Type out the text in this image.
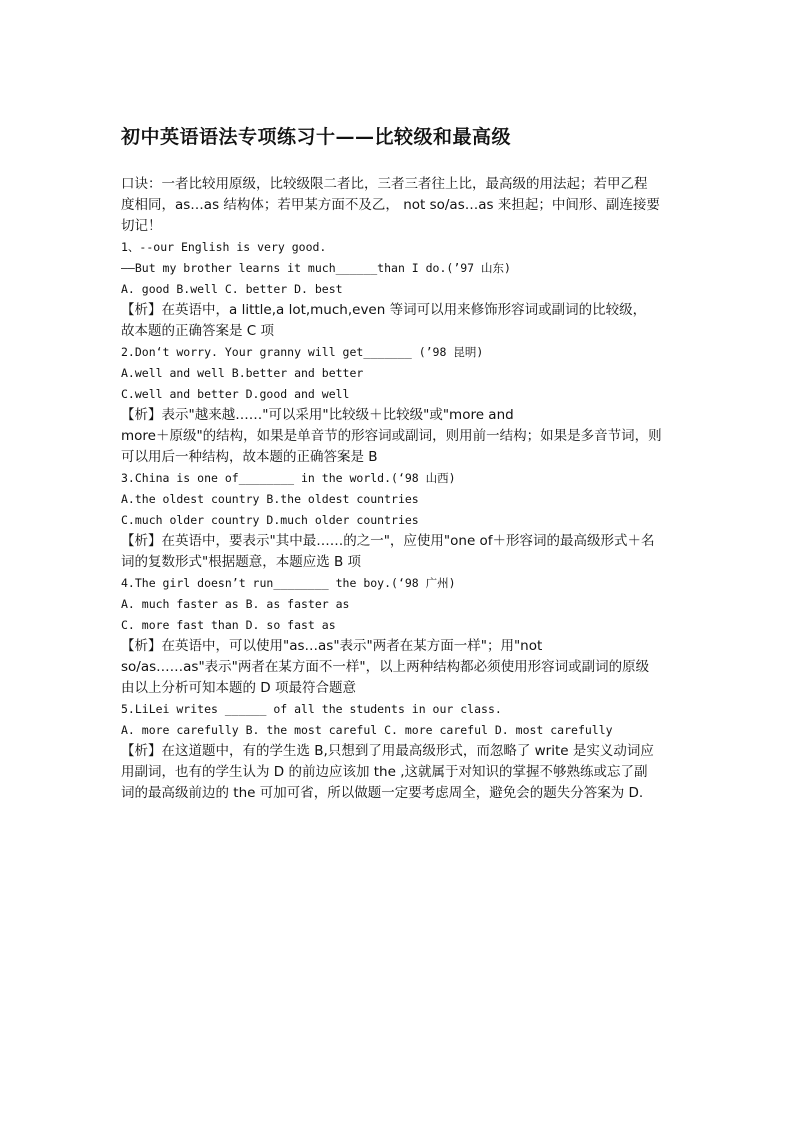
初中英语语法专项练习十——比较级和最高级
口诀：一者比较用原级，比较级限二者比，三者三者往上比，最高级的用法起；若甲乙程
度相同，as…as 结构体；若甲某方面不及乙， not so/as…as 来担起；中间形、副连接要
切记！
1、--our English is very good.
——But my brother learns it much______than I do.(’97 山东)
A. good B.well C. better D. best
【析】在英语中，a little,a lot,much,even 等词可以用来修饰形容词或副词的比较级，
故本题的正确答案是 C 项
2.Don‘t worry. Your granny will get_______ (’98 昆明)
A.well and well B.better and better
C.well and better D.good and well
【析】表示"越来越……"可以采用"比较级＋比较级"或"more and
more＋原级"的结构，如果是单音节的形容词或副词，则用前一结构；如果是多音节词，则
可以用后一种结构，故本题的正确答案是 B
3.China is one of________ in the world.(‘98 山西)
A.the oldest country B.the oldest countries
C.much older country D.much older countries
【析】在英语中，要表示"其中最……的之一"，应使用"one of＋形容词的最高级形式＋名
词的复数形式"根据题意，本题应选 B 项
4.The girl doesn’t run________ the boy.(‘98 广州)
A. much faster as B. as faster as
C. more fast than D. so fast as
【析】在英语中，可以使用"as…as"表示"两者在某方面一样"；用"not
so/as……as"表示"两者在某方面不一样"，以上两种结构都必须使用形容词或副词的原级
由以上分析可知本题的 D 项最符合题意
5.LiLei writes ______ of all the students in our class.
A. more carefully B. the most careful C. more careful D. most carefully
【析】在这道题中，有的学生选 B,只想到了用最高级形式，而忽略了 write 是实义动词应
用副词，也有的学生认为 D 的前边应该加 the ,这就属于对知识的掌握不够熟练或忘了副
词的最高级前边的 the 可加可省，所以做题一定要考虑周全，避免会的题失分答案为 D.
